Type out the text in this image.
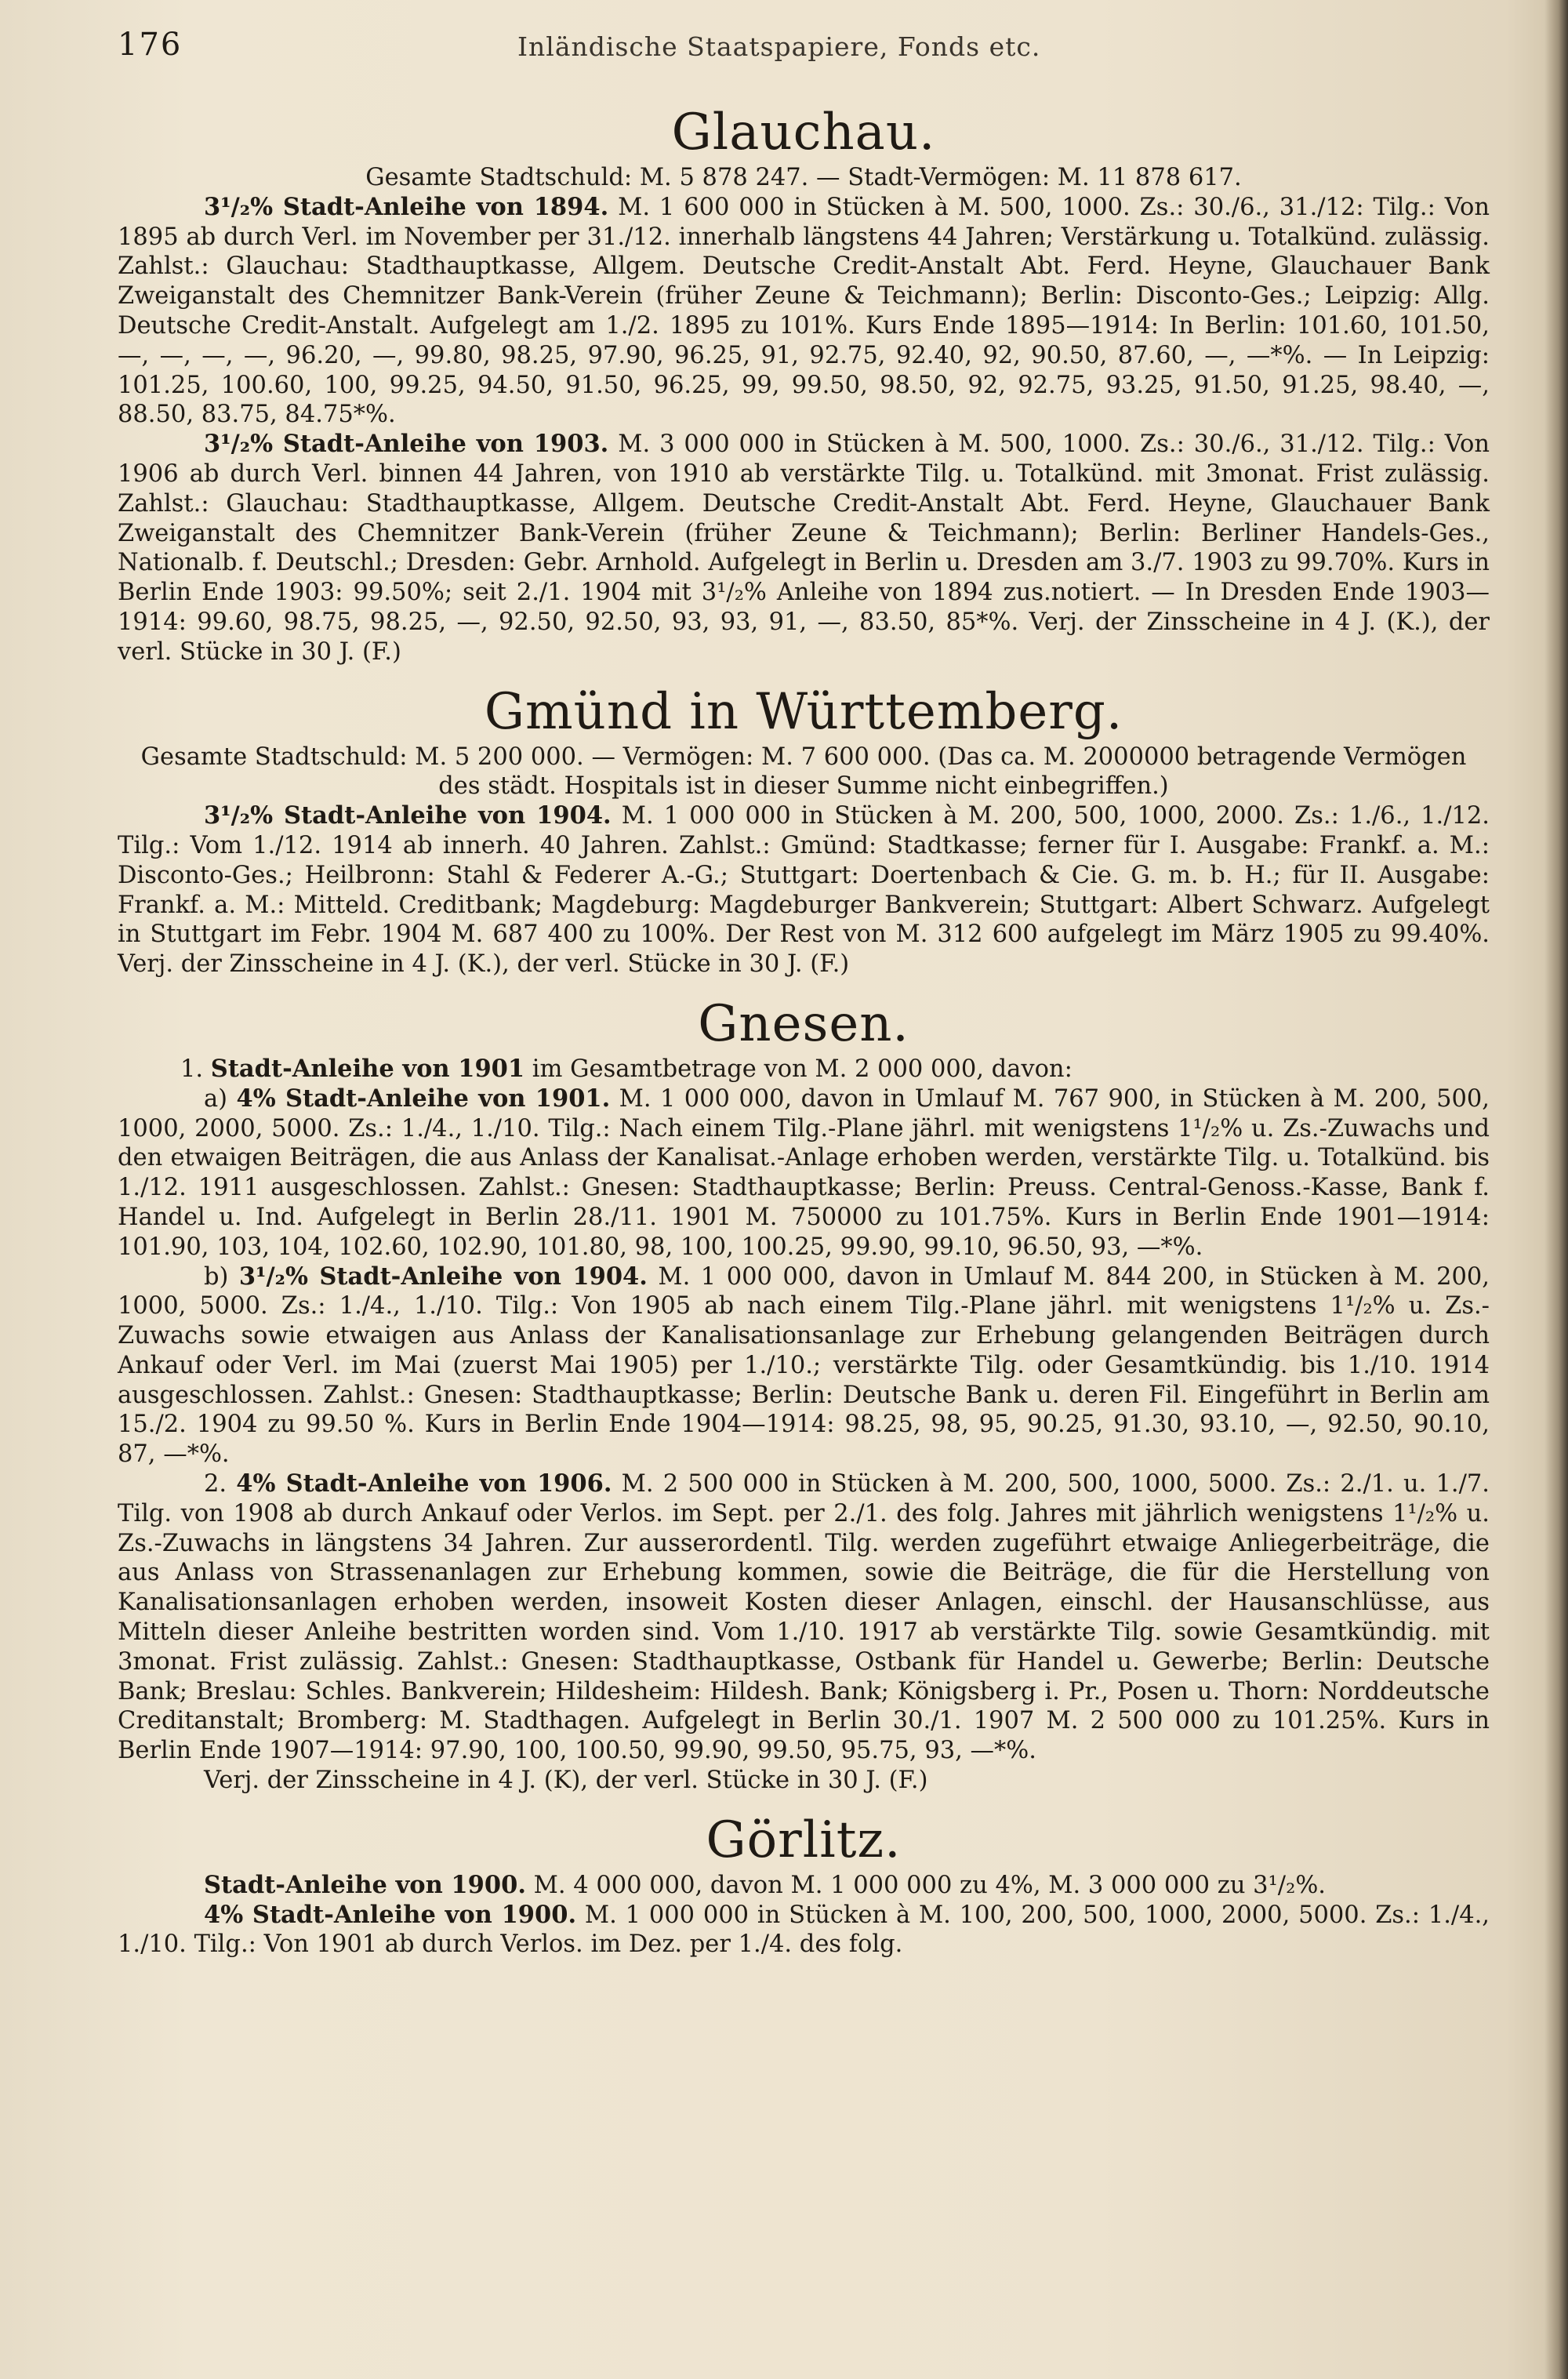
176	Inländische Staatspapiere, Fonds etc.
Glauchau.

Gesamte Stadtschuld: M. 5 878 247. — Stadt-Vermögen: M. 11 878 617.

3¹/₂% Stadt-Anleihe von 1894. M. 1 600 000 in Stücken à M. 500, 1000. Zs.: 30./6., 31./12: Tilg.: Von 1895 ab durch Verl. im November per 31./12. innerhalb längstens 44 Jahren; Verstärkung u. Totalkünd. zulässig. Zahlst.: Glauchau: Stadthauptkasse, Allgem. Deutsche Credit-Anstalt Abt. Ferd. Heyne, Glauchauer Bank Zweiganstalt des Chemnitzer Bank-Verein (früher Zeune & Teichmann); Berlin: Disconto-Ges.; Leipzig: Allg. Deutsche Credit-Anstalt. Aufgelegt am 1./2. 1895 zu 101%. Kurs Ende 1895—1914: In Berlin: 101.60, 101.50, —, —, —, —, 96.20, —, 99.80, 98.25, 97.90, 96.25, 91, 92.75, 92.40, 92, 90.50, 87.60, —, —*%. — In Leipzig: 101.25, 100.60, 100, 99.25, 94.50, 91.50, 96.25, 99, 99.50, 98.50, 92, 92.75, 93.25, 91.50, 91.25, 98.40, —, 88.50, 83.75, 84.75*%.

3¹/₂% Stadt-Anleihe von 1903. M. 3 000 000 in Stücken à M. 500, 1000. Zs.: 30./6., 31./12. Tilg.: Von 1906 ab durch Verl. binnen 44 Jahren, von 1910 ab verstärkte Tilg. u. Totalkünd. mit 3monat. Frist zulässig. Zahlst.: Glauchau: Stadthauptkasse, Allgem. Deutsche Credit-Anstalt Abt. Ferd. Heyne, Glauchauer Bank Zweiganstalt des Chemnitzer Bank-Verein (früher Zeune & Teichmann); Berlin: Berliner Handels-Ges., Nationalb. f. Deutschl.; Dresden: Gebr. Arnhold. Aufgelegt in Berlin u. Dresden am 3./7. 1903 zu 99.70%. Kurs in Berlin Ende 1903: 99.50%; seit 2./1. 1904 mit 3¹/₂% Anleihe von 1894 zus.notiert. — In Dresden Ende 1903—1914: 99.60, 98.75, 98.25, —, 92.50, 92.50, 93, 93, 91, —, 83.50, 85*%. Verj. der Zinsscheine in 4 J. (K.), der verl. Stücke in 30 J. (F.)

Gmünd in Württemberg.

Gesamte Stadtschuld: M. 5 200 000. — Vermögen: M. 7 600 000. (Das ca. M. 2000000 betragende Vermögen des städt. Hospitals ist in dieser Summe nicht einbegriffen.)

3¹/₂% Stadt-Anleihe von 1904. M. 1 000 000 in Stücken à M. 200, 500, 1000, 2000. Zs.: 1./6., 1./12. Tilg.: Vom 1./12. 1914 ab innerh. 40 Jahren. Zahlst.: Gmünd: Stadtkasse; ferner für I. Ausgabe: Frankf. a. M.: Disconto-Ges.; Heilbronn: Stahl & Federer A.-G.; Stuttgart: Doertenbach & Cie. G. m. b. H.; für II. Ausgabe: Frankf. a. M.: Mitteld. Creditbank; Magdeburg: Magdeburger Bankverein; Stuttgart: Albert Schwarz. Aufgelegt in Stuttgart im Febr. 1904 M. 687 400 zu 100%. Der Rest von M. 312 600 aufgelegt im März 1905 zu 99.40%. Verj. der Zinsscheine in 4 J. (K.), der verl. Stücke in 30 J. (F.)

Gnesen.

1. Stadt-Anleihe von 1901 im Gesamtbetrage von M. 2 000 000, davon:

a) 4% Stadt-Anleihe von 1901. M. 1 000 000, davon in Umlauf M. 767 900, in Stücken à M. 200, 500, 1000, 2000, 5000. Zs.: 1./4., 1./10. Tilg.: Nach einem Tilg.-Plane jährl. mit wenigstens 1¹/₂% u. Zs.-Zuwachs und den etwaigen Beiträgen, die aus Anlass der Kanalisat.-Anlage erhoben werden, verstärkte Tilg. u. Totalkünd. bis 1./12. 1911 ausgeschlossen. Zahlst.: Gnesen: Stadthauptkasse; Berlin: Preuss. Central-Genoss.-Kasse, Bank f. Handel u. Ind. Aufgelegt in Berlin 28./11. 1901 M. 750000 zu 101.75%. Kurs in Berlin Ende 1901—1914: 101.90, 103, 104, 102.60, 102.90, 101.80, 98, 100, 100.25, 99.90, 99.10, 96.50, 93, —*%.

b) 3¹/₂% Stadt-Anleihe von 1904. M. 1 000 000, davon in Umlauf M. 844 200, in Stücken à M. 200, 1000, 5000. Zs.: 1./4., 1./10. Tilg.: Von 1905 ab nach einem Tilg.-Plane jährl. mit wenigstens 1¹/₂% u. Zs.-Zuwachs sowie etwaigen aus Anlass der Kanalisationsanlage zur Erhebung gelangenden Beiträgen durch Ankauf oder Verl. im Mai (zuerst Mai 1905) per 1./10.; verstärkte Tilg. oder Gesamtkündig. bis 1./10. 1914 ausgeschlossen. Zahlst.: Gnesen: Stadthauptkasse; Berlin: Deutsche Bank u. deren Fil. Eingeführt in Berlin am 15./2. 1904 zu 99.50 %. Kurs in Berlin Ende 1904—1914: 98.25, 98, 95, 90.25, 91.30, 93.10, —, 92.50, 90.10, 87, —*%.

2. 4% Stadt-Anleihe von 1906. M. 2 500 000 in Stücken à M. 200, 500, 1000, 5000. Zs.: 2./1. u. 1./7. Tilg. von 1908 ab durch Ankauf oder Verlos. im Sept. per 2./1. des folg. Jahres mit jährlich wenigstens 1¹/₂% u. Zs.-Zuwachs in längstens 34 Jahren. Zur ausserordentl. Tilg. werden zugeführt etwaige Anliegerbeiträge, die aus Anlass von Strassenanlagen zur Erhebung kommen, sowie die Beiträge, die für die Herstellung von Kanalisationsanlagen erhoben werden, insoweit Kosten dieser Anlagen, einschl. der Hausanschlüsse, aus Mitteln dieser Anleihe bestritten worden sind. Vom 1./10. 1917 ab verstärkte Tilg. sowie Gesamtkündig. mit 3monat. Frist zulässig. Zahlst.: Gnesen: Stadthauptkasse, Ostbank für Handel u. Gewerbe; Berlin: Deutsche Bank; Breslau: Schles. Bankverein; Hildesheim: Hildesh. Bank; Königsberg i. Pr., Posen u. Thorn: Norddeutsche Creditanstalt; Bromberg: M. Stadthagen. Aufgelegt in Berlin 30./1. 1907 M. 2 500 000 zu 101.25%. Kurs in Berlin Ende 1907—1914: 97.90, 100, 100.50, 99.90, 99.50, 95.75, 93, —*%.

Verj. der Zinsscheine in 4 J. (K), der verl. Stücke in 30 J. (F.)

Görlitz.

Stadt-Anleihe von 1900. M. 4 000 000, davon M. 1 000 000 zu 4%, M. 3 000 000 zu 3¹/₂%.

4% Stadt-Anleihe von 1900. M. 1 000 000 in Stücken à M. 100, 200, 500, 1000, 2000, 5000. Zs.: 1./4., 1./10. Tilg.: Von 1901 ab durch Verlos. im Dez. per 1./4. des folg.
